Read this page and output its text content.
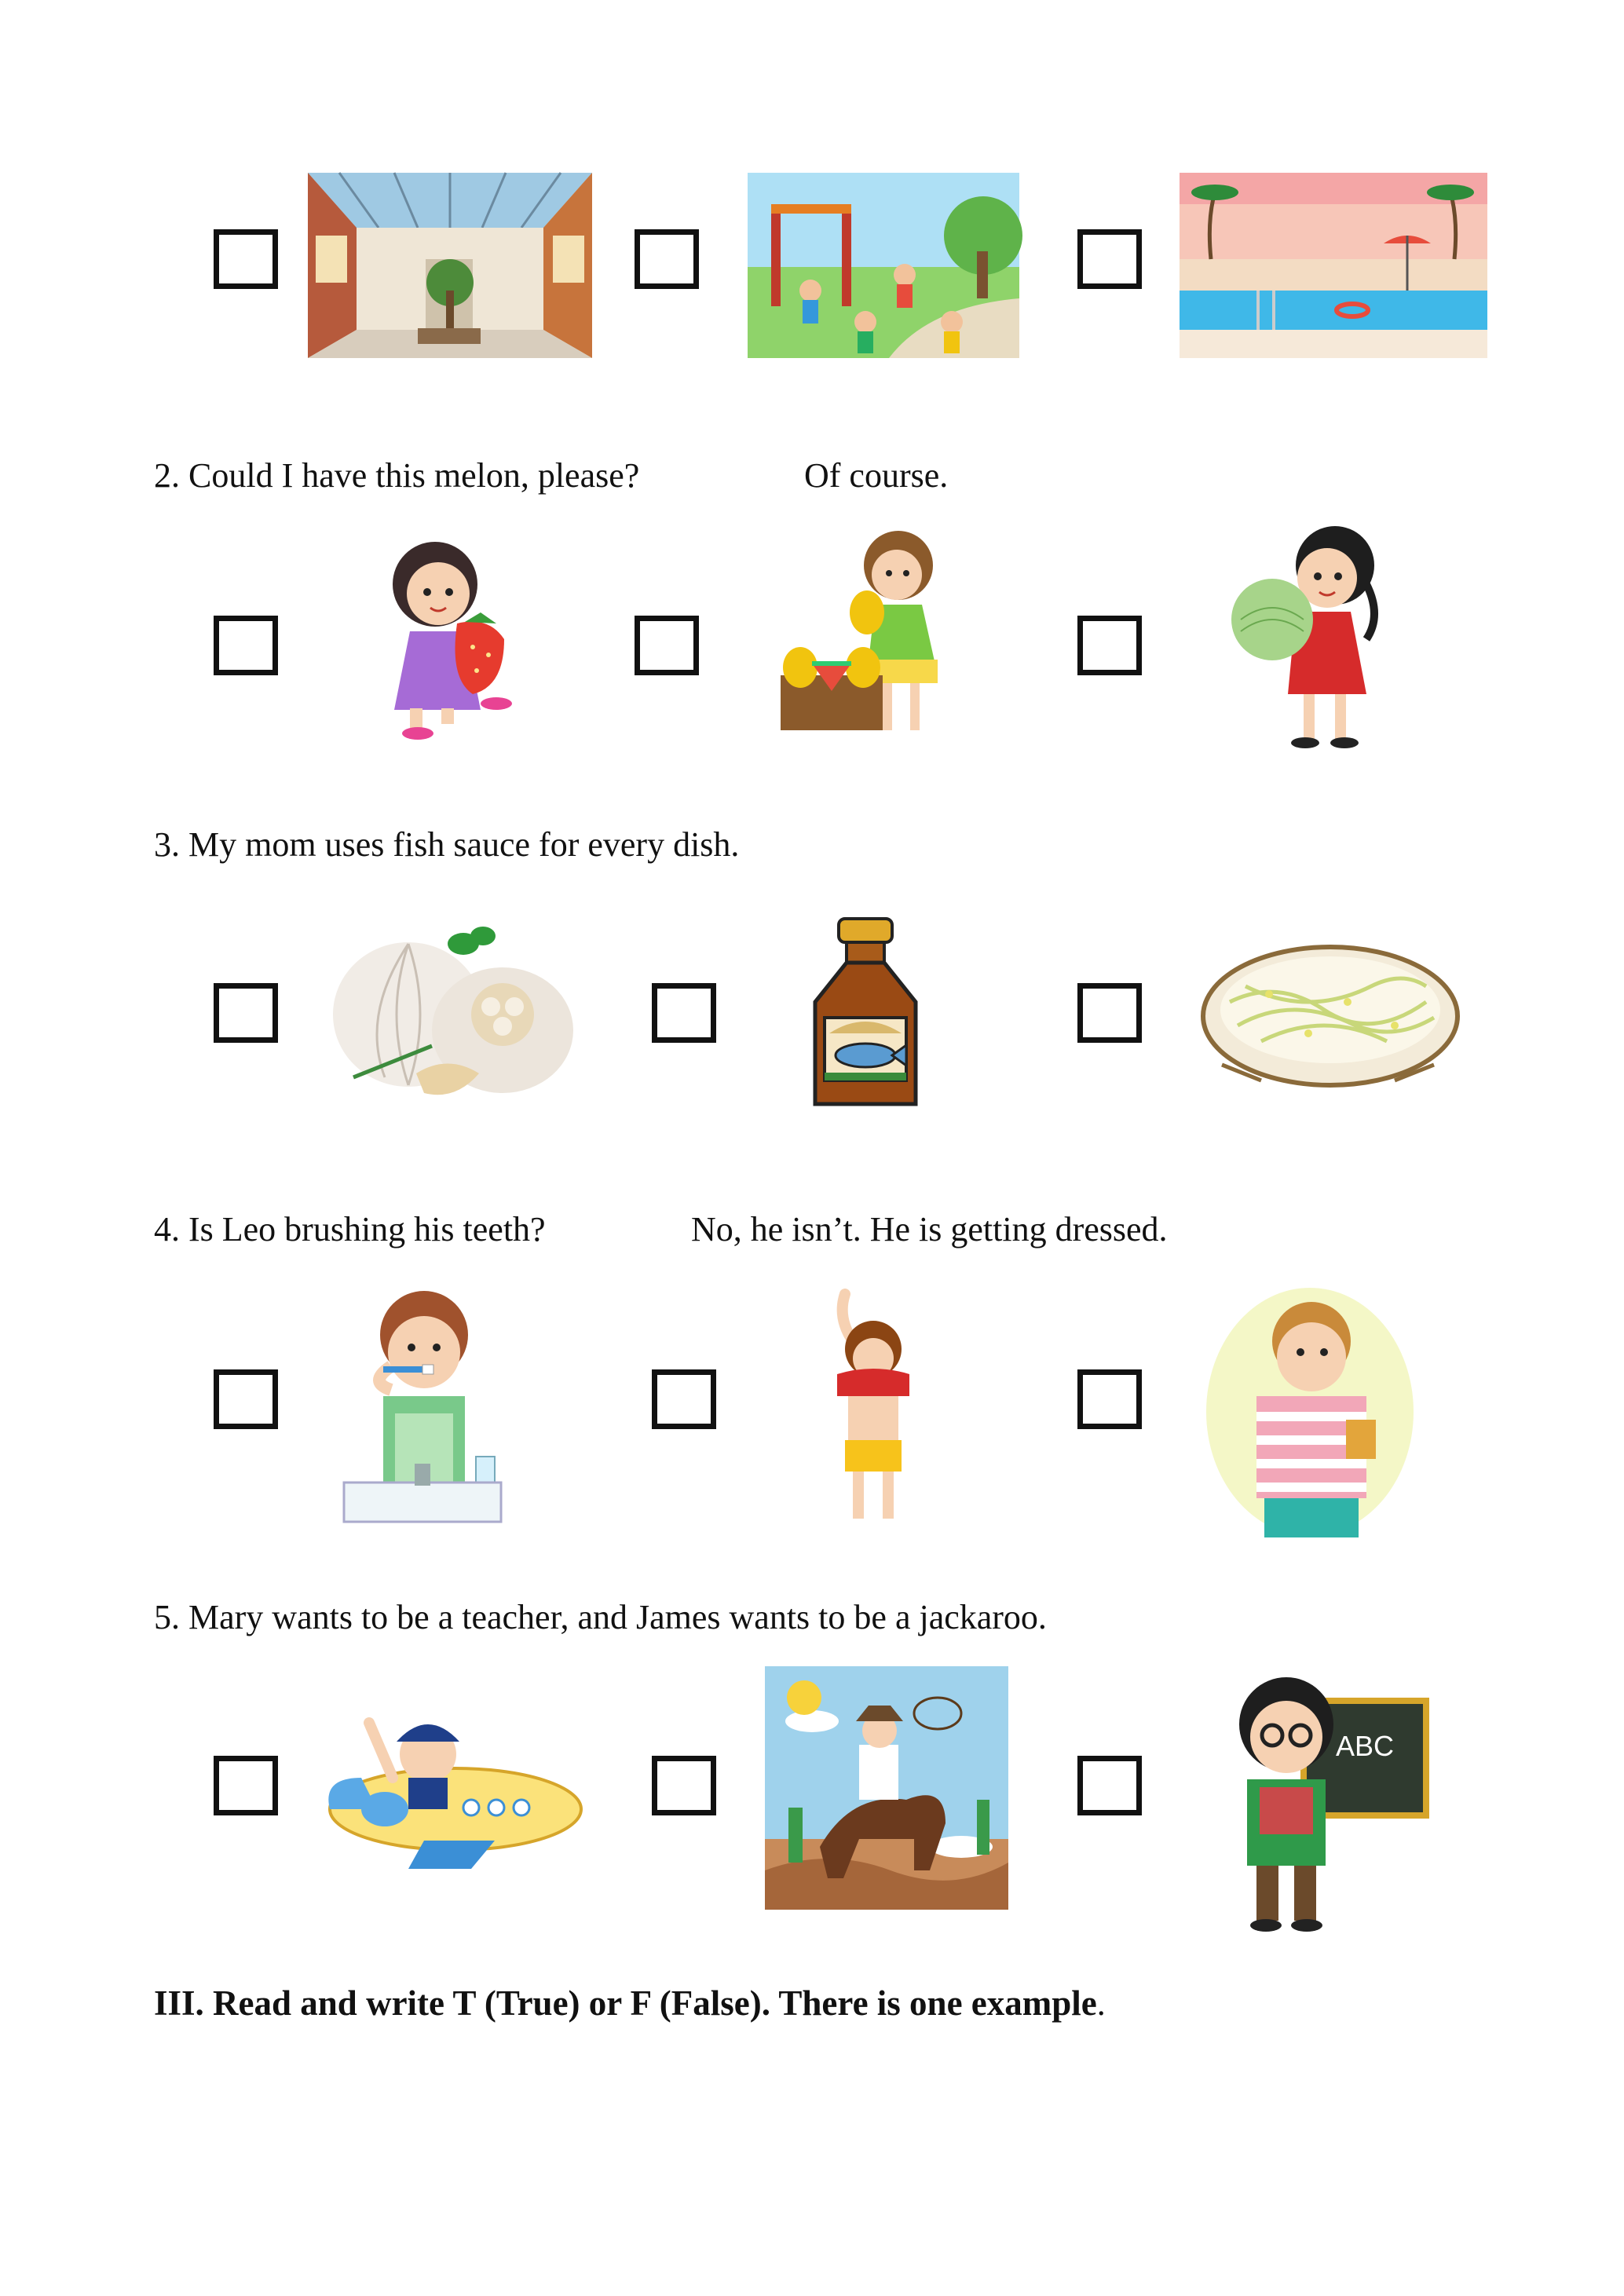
2. Could I have this melon, please?	Of course.
3. My mom uses fish sauce for every dish.
4. Is Leo brushing his teeth?	No, he isn’t. He is getting dressed.
5. Mary wants to be a teacher, and James wants to be a jackaroo.
ABC
III. Read and write T (True) or F (False). There is one example.
